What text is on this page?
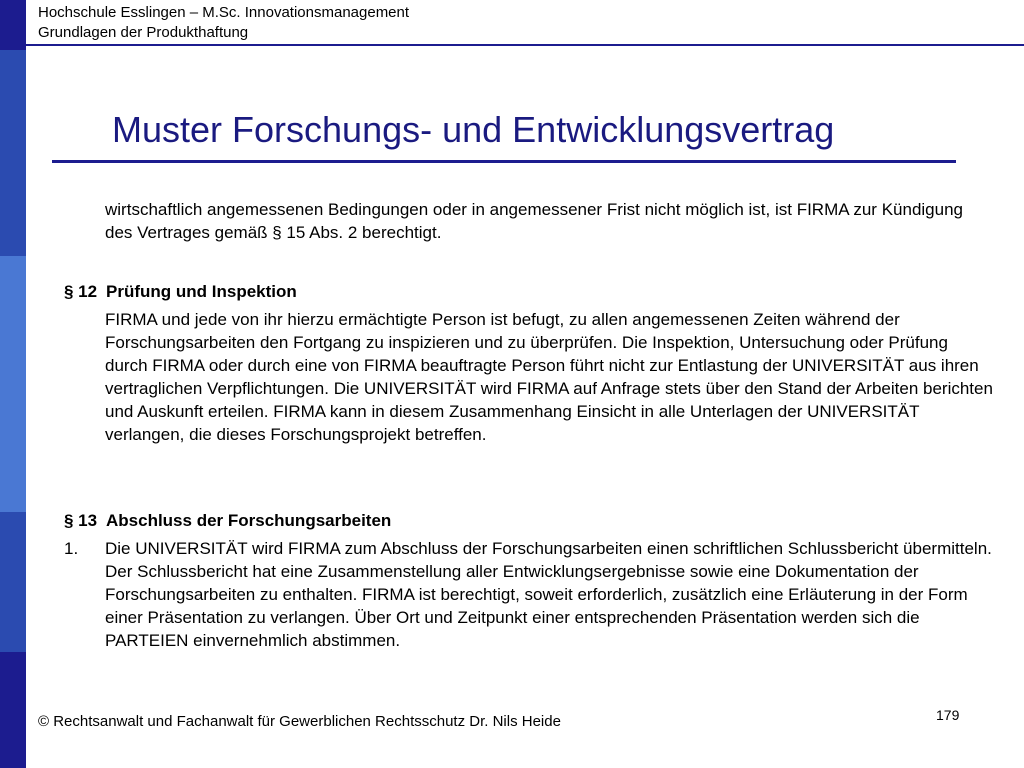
Hochschule Esslingen – M.Sc. Innovationsmanagement
Grundlagen der Produkthaftung
Muster Forschungs- und Entwicklungsvertrag

wirtschaftlich angemessenen Bedingungen oder in angemessener Frist nicht möglich ist, ist FIRMA zur Kündigung des Vertrages gemäß § 15 Abs. 2 berechtigt.

§ 12 Prüfung und Inspektion

FIRMA und jede von ihr hierzu ermächtigte Person ist befugt, zu allen angemessenen Zeiten während der Forschungsarbeiten den Fortgang zu inspizieren und zu überprüfen. Die Inspektion, Untersuchung oder Prüfung durch FIRMA oder durch eine von FIRMA beauftragte Person führt nicht zur Entlastung der UNIVERSITÄT aus ihren vertraglichen Verpflichtungen. Die UNIVERSITÄT wird FIRMA auf Anfrage stets über den Stand der Arbeiten berichten und Auskunft erteilen. FIRMA kann in diesem Zusammenhang Einsicht in alle Unterlagen der UNIVERSITÄT verlangen, die dieses Forschungsprojekt betreffen.

§ 13 Abschluss der Forschungsarbeiten

1. Die UNIVERSITÄT wird FIRMA zum Abschluss der Forschungsarbeiten einen schriftlichen Schlussbericht übermitteln. Der Schlussbericht hat eine Zusammenstellung aller Entwicklungsergebnisse sowie eine Dokumentation der Forschungsarbeiten zu enthalten. FIRMA ist berechtigt, soweit erforderlich, zusätzlich eine Erläuterung in der Form einer Präsentation zu verlangen. Über Ort und Zeitpunkt einer entsprechenden Präsentation werden sich die PARTEIEN einvernehmlich abstimmen.

© Rechtsanwalt und Fachanwalt für Gewerblichen Rechtsschutz Dr. Nils Heide	179
